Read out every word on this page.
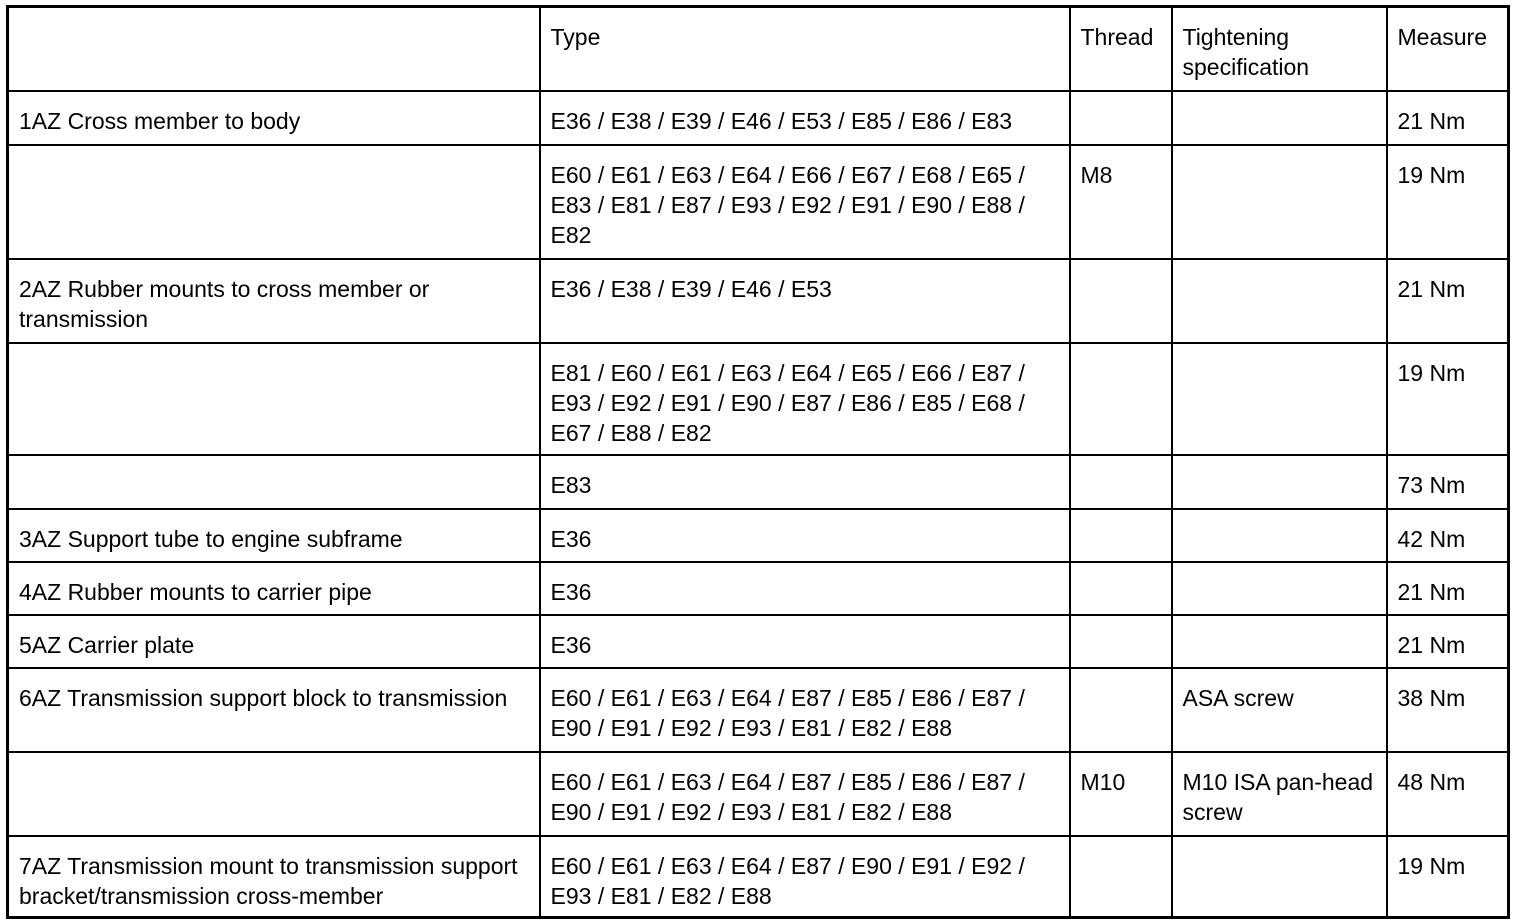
	Type	Thread	Tightening specification	Measure
1AZ Cross member to body	E36 / E38 / E39 / E46 / E53 / E85 / E86 / E83			21 Nm
	E60 / E61 / E63 / E64 / E66 / E67 / E68 / E65 / E83 / E81 / E87 / E93 / E92 / E91 / E90 / E88 / E82	M8		19 Nm
2AZ Rubber mounts to cross member or transmission	E36 / E38 / E39 / E46 / E53			21 Nm
	E81 / E60 / E61 / E63 / E64 / E65 / E66 / E87 / E93 / E92 / E91 / E90 / E87 / E86 / E85 / E68 / E67 / E88 / E82			19 Nm
	E83			73 Nm
3AZ Support tube to engine subframe	E36			42 Nm
4AZ Rubber mounts to carrier pipe	E36			21 Nm
5AZ Carrier plate	E36			21 Nm
6AZ Transmission support block to transmission	E60 / E61 / E63 / E64 / E87 / E85 / E86 / E87 / E90 / E91 / E92 / E93 / E81 / E82 / E88		ASA screw	38 Nm
	E60 / E61 / E63 / E64 / E87 / E85 / E86 / E87 / E90 / E91 / E92 / E93 / E81 / E82 / E88	M10	M10 ISA pan-head screw	48 Nm
7AZ Transmission mount to transmission support bracket/transmission cross-member	E60 / E61 / E63 / E64 / E87 / E90 / E91 / E92 / E93 / E81 / E82 / E88			19 Nm
